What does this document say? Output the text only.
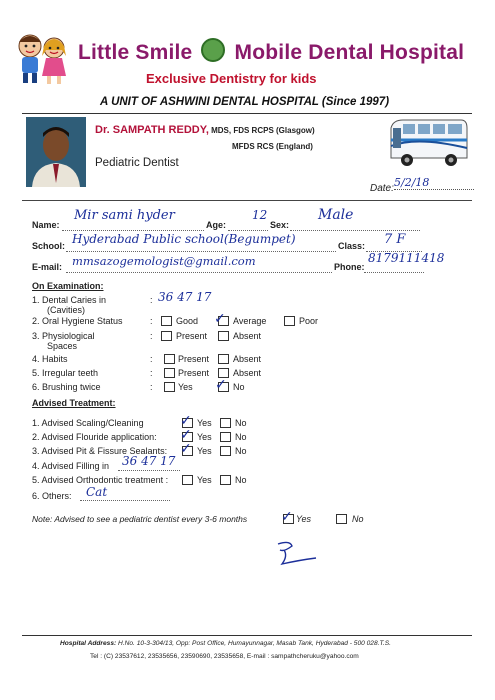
Little Smile Mobile Dental Hospital
Exclusive Dentistry for kids
A UNIT OF ASHWINI DENTAL HOSPITAL (Since 1997)
Dr. SAMPATH REDDY, MDS, FDS RCPS (Glasgow)
MFDS RCS (England)
Pediatric Dentist
Date: 5/2/18
Name:
Mir sami hyder
Age:
12
Sex:
Male
School: Hyderabad Public school(Begumpet)	Class: 7 F
E-mail: mmsazogemologist@gmail.com	Phone:
8179111418
On Examination:
1. Dental Caries in
(Cavities)
: 36 47 17
2. Oral Hygiene Status	:	Good ✓ Average	Poor
3. Physiological
Spaces
:	Present	Absent
4. Habits	:	Present	Absent
5. Irregular teeth	:	Present	Absent
6. Brushing twice	:	Yes ✓ No
Advised Treatment:
1. Advised Scaling/Cleaning	✓ Yes	No
2. Advised Flouride application: ✓ Yes	No
3. Advised Pit & Fissure Sealants: ✓ Yes	No
4. Advised Filling in 36 47 17
5. Advised Orthodontic treatment :	Yes	No
6. Others: Cat
Note: Advised to see a pediatric dentist every 3-6 months ✓ Yes	No
Hospital Address: H.No. 10-3-304/13, Opp: Post Office, Humayunnagar, Masab Tank, Hyderabad - 500 028.T.S.
Tel : (C) 23537612, 23535656, 23590690, 23535658, E-mail : sampathcheruku@yahoo.com
